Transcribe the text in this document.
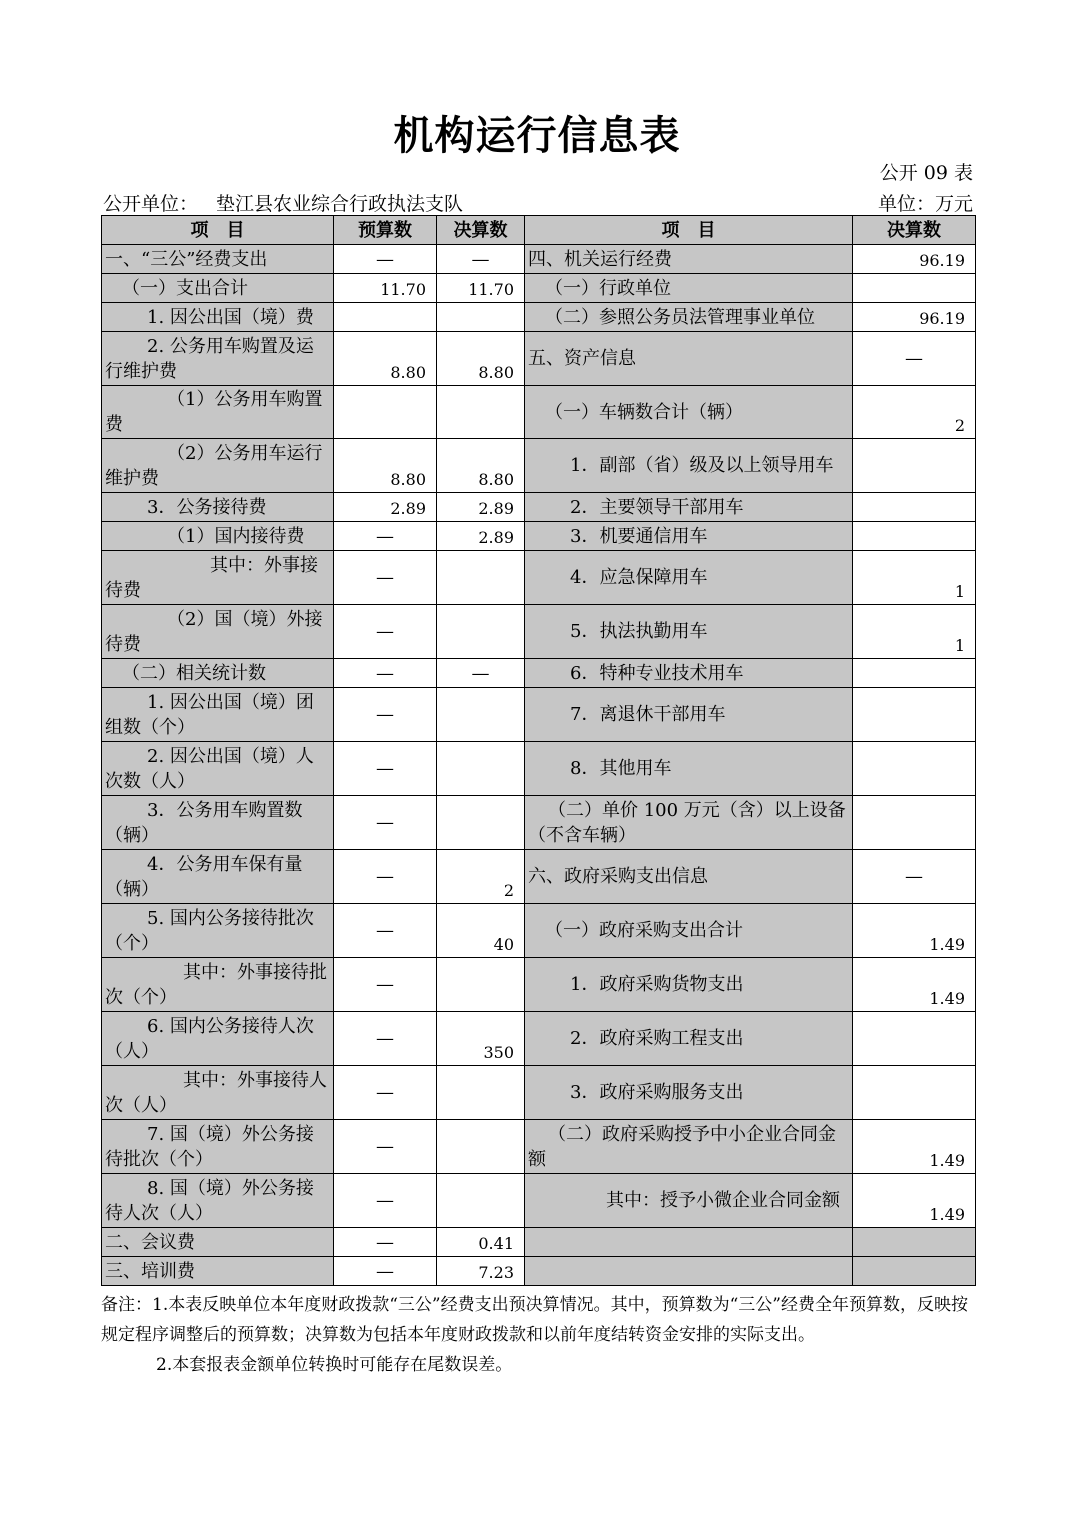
机构运行信息表
公开 09 表
公开单位： 垫江县农业综合行政执法支队	单位：万元
项　目	预算数	决算数	项　目	决算数
一、“三公”经费支出	—	—	四、机关运行经费	96.19
（一）支出合计	11.70	11.70	（一）行政单位	
1. 因公出国（境）费			（二）参照公务员法管理事业单位	96.19
2. 公务用车购置及运行维护费	8.80	8.80	五、资产信息	—
（1）公务用车购置费			（一）车辆数合计（辆）	2
（2）公务用车运行维护费	8.80	8.80	1．副部（省）级及以上领导用车	
3．公务接待费	2.89	2.89	2．主要领导干部用车	
（1）国内接待费	—	2.89	3．机要通信用车	
其中：外事接待费	—		4．应急保障用车	1
（2）国（境）外接待费	—		5．执法执勤用车	1
（二）相关统计数	—	—	6．特种专业技术用车	
1. 因公出国（境）团组数（个）	—		7．离退休干部用车	
2. 因公出国（境）人次数（人）	—		8．其他用车	
3．公务用车购置数（辆）	—		（二）单价 100 万元（含）以上设备（不含车辆）	
4．公务用车保有量（辆）	—	2	六、政府采购支出信息	—
5. 国内公务接待批次（个）	—	40	（一）政府采购支出合计	1.49
其中：外事接待批次（个）	—		1．政府采购货物支出	1.49
6. 国内公务接待人次（人）	—	350	2．政府采购工程支出	
其中：外事接待人次（人）	—		3．政府采购服务支出	
7. 国（境）外公务接待批次（个）	—		（二）政府采购授予中小企业合同金额	1.49
8. 国（境）外公务接待人次（人）	—		其中：授予小微企业合同金额	1.49
二、会议费	—	0.41		
三、培训费	—	7.23		

备注：1.本表反映单位本年度财政拨款“三公”经费支出预决算情况。其中，预算数为“三公”经费全年预算数，反映按规定程序调整后的预算数；决算数为包括本年度财政拨款和以前年度结转资金安排的实际支出。

2.本套报表金额单位转换时可能存在尾数误差。
